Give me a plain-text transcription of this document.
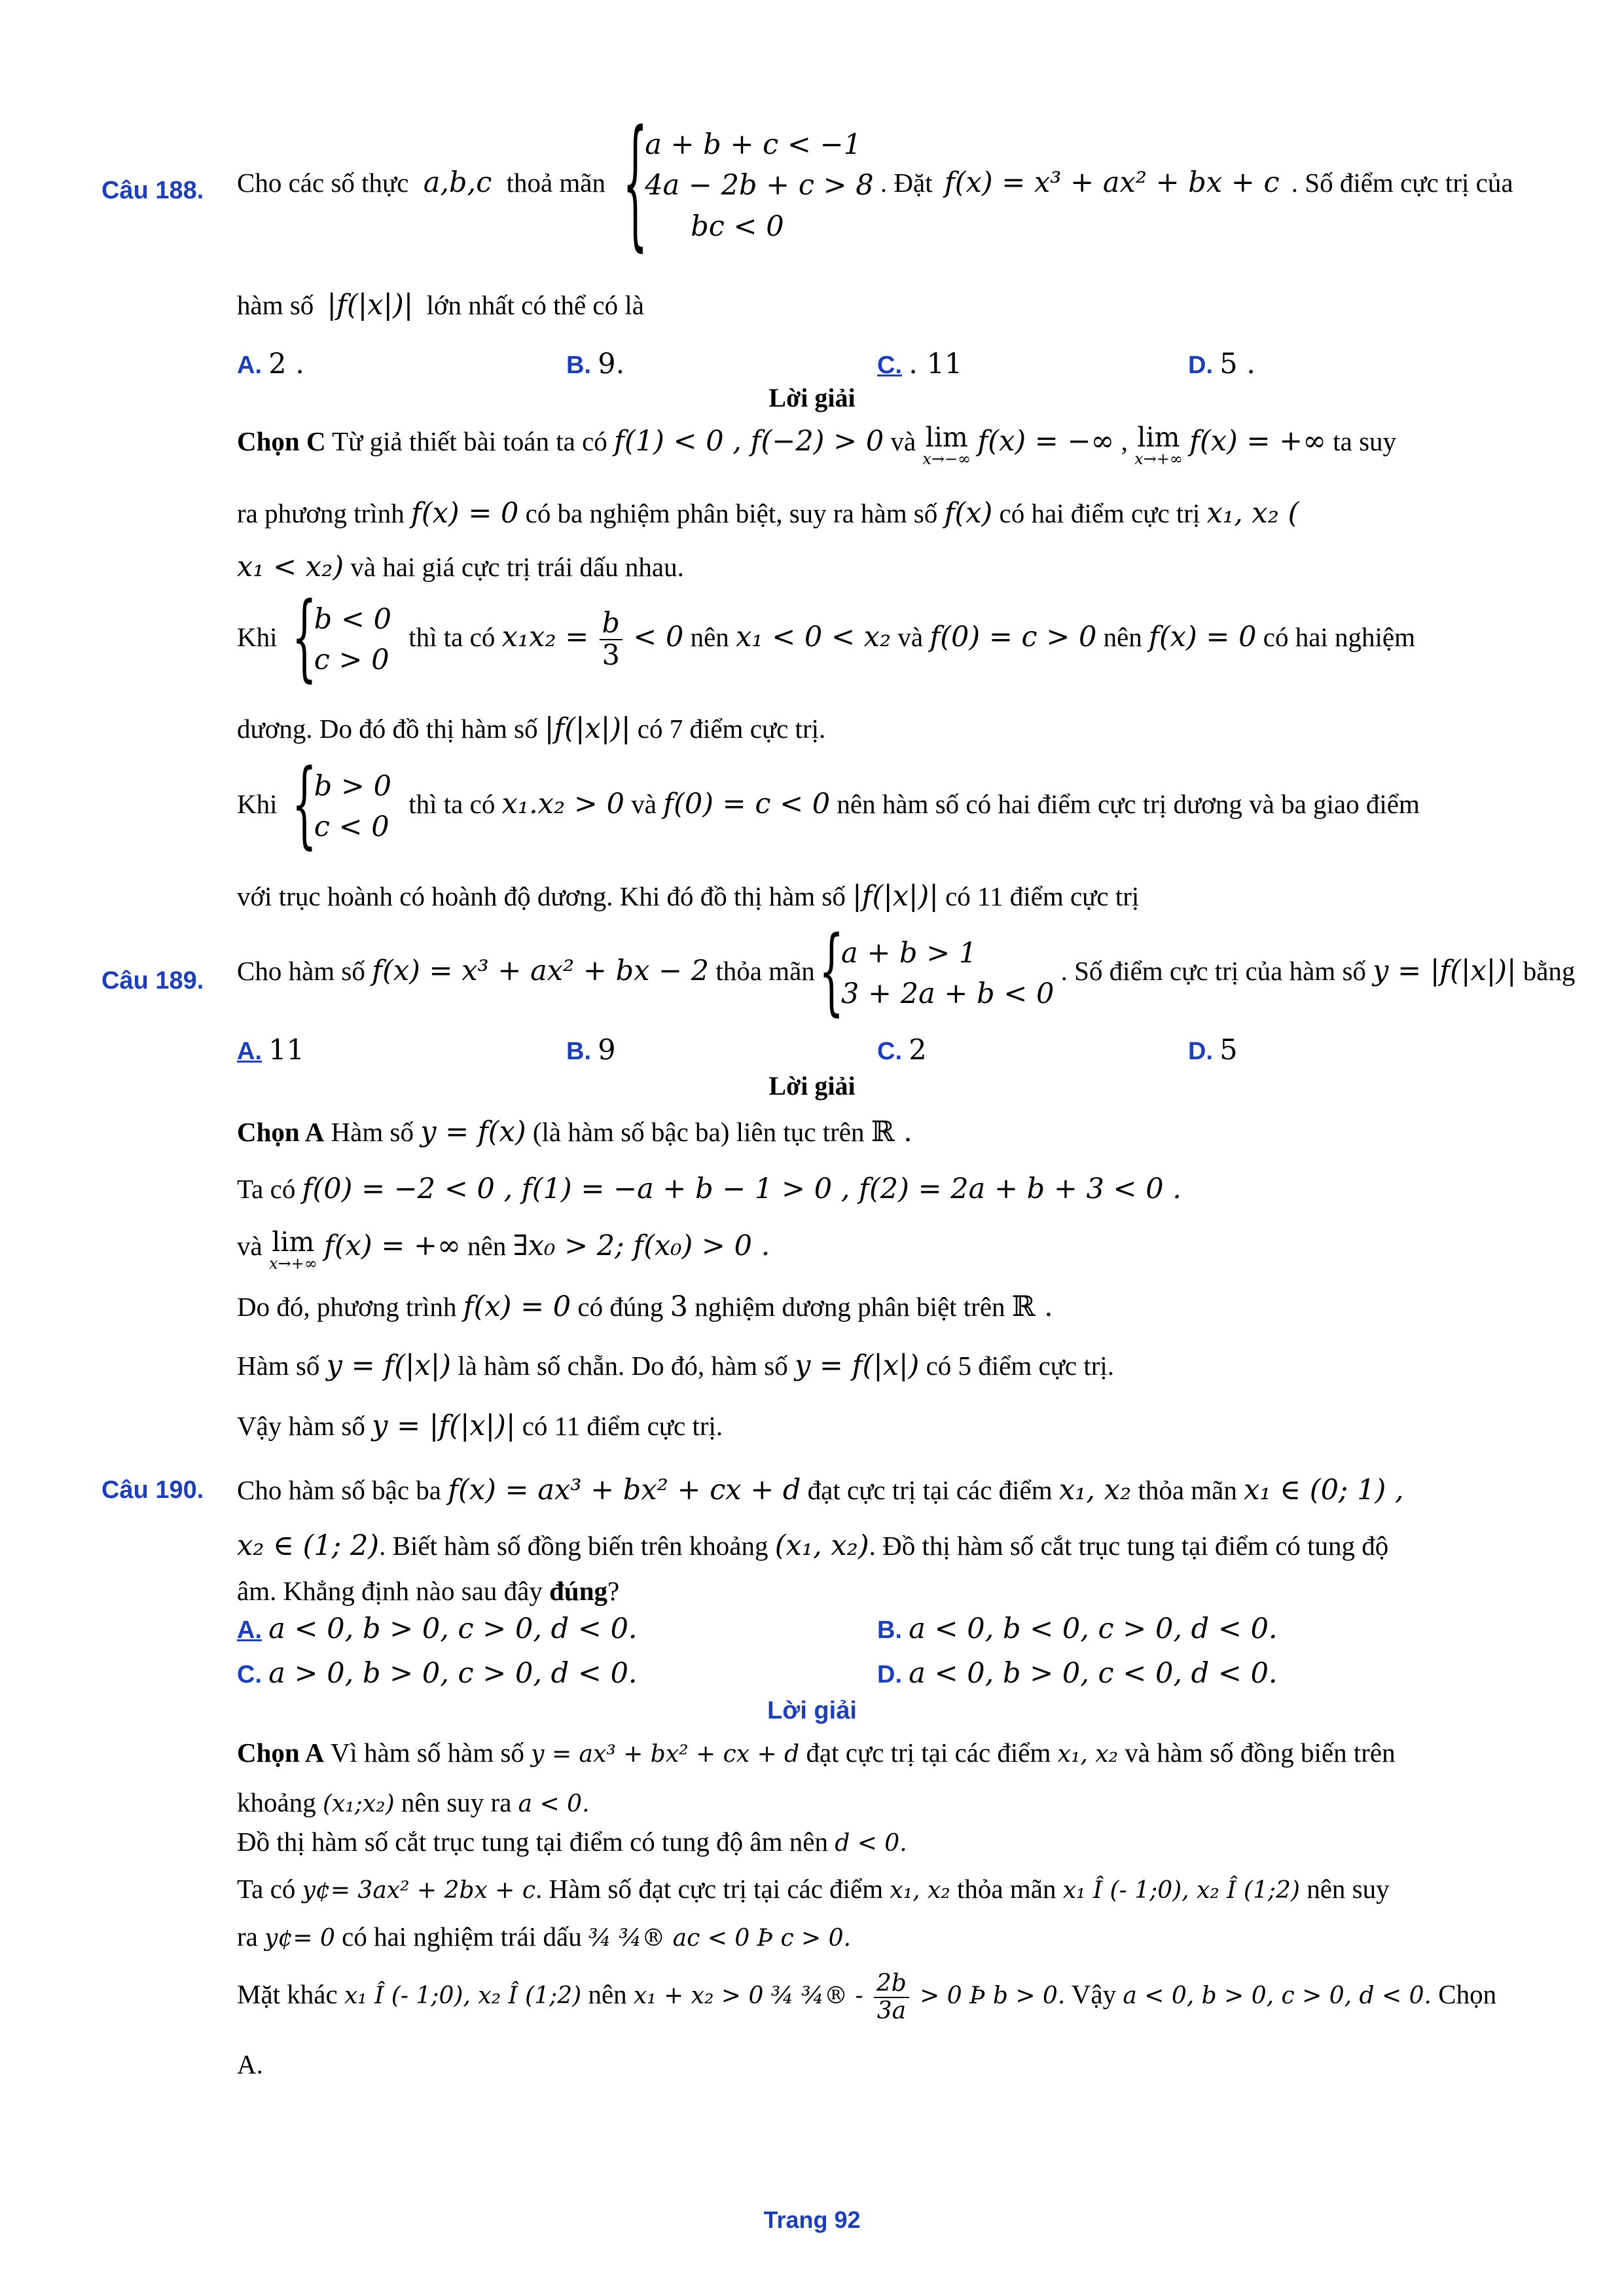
Câu 188. Cho các số thực a,b,c thoả mãn
{ a + b + c < −1
4a − 2b + c > 8
bc < 0
. Đặt f(x) = x³ + ax² + bx + c . Số điểm cực trị của
hàm số |f(|x|)| lớn nhất có thể có là
A. 2 .	B. 9.	C. . 11	D. 5 .
Lời giải
Chọn C Từ giả thiết bài toán ta có f(1) < 0 , f(−2) > 0 và lim
x→−∞
f(x) = −∞ , lim
x→+∞
f(x) = +∞ ta suy
ra phương trình f(x) = 0 có ba nghiệm phân biệt, suy ra hàm số f(x) có hai điểm cực trị x₁, x₂ (
x₁ < x₂) và hai giá cực trị trái dấu nhau.
Khi
{ b < 0
c > 0
thì ta có $x_1x_2 = \frac{b}{3} < 0$ nên x₁ < 0 < x₂ và f(0) = c > 0 nên f(x) = 0 có hai nghiệm
dương. Do đó đồ thị hàm số |f(|x|)| có 7 điểm cực trị.
Khi
{ b > 0
c < 0
thì ta có x₁.x₂ > 0 và f(0) = c < 0 nên hàm số có hai điểm cực trị dương và ba giao điểm
với trục hoành có hoành độ dương. Khi đó đồ thị hàm số |f(|x|)| có 11 điểm cực trị
Câu 189. Cho hàm số f(x) = x³ + ax² + bx − 2 thỏa mãn
{ a + b > 1
3 + 2a + b < 0
. Số điểm cực trị của hàm số y = |f(|x|)| bằng
A. 11	B. 9	C. 2	D. 5
Lời giải
Chọn A Hàm số y = f(x) (là hàm số bậc ba) liên tục trên ℝ .
Ta có f(0) = −2 < 0 , f(1) = −a + b − 1 > 0 , f(2) = 2a + b + 3 < 0 .
và lim
x→+∞
f(x) = +∞ nên ∃x₀ > 2; f(x₀) > 0 .
Do đó, phương trình f(x) = 0 có đúng 3 nghiệm dương phân biệt trên ℝ .
Hàm số y = f(|x|) là hàm số chẵn. Do đó, hàm số y = f(|x|) có 5 điểm cực trị.
Vậy hàm số y = |f(|x|)| có 11 điểm cực trị.
Câu 190. Cho hàm số bậc ba f(x) = ax³ + bx² + cx + d đạt cực trị tại các điểm x₁, x₂ thỏa mãn x₁ ∈ (0; 1) ,
x₂ ∈ (1; 2). Biết hàm số đồng biến trên khoảng (x₁, x₂). Đồ thị hàm số cắt trục tung tại điểm có tung độ
âm. Khẳng định nào sau đây đúng?
A. a < 0, b > 0, c > 0, d < 0.	B. a < 0, b < 0, c > 0, d < 0.
C. a > 0, b > 0, c > 0, d < 0.	D. a < 0, b > 0, c < 0, d < 0.
Lời giải
Chọn A Vì hàm số hàm số y = ax³ + bx² + cx + d đạt cực trị tại các điểm x₁, x₂ và hàm số đồng biến trên
khoảng (x₁;x₂) nên suy ra a < 0.
Đồ thị hàm số cắt trục tung tại điểm có tung độ âm nên d < 0.
Ta có y¢= 3ax² + 2bx + c. Hàm số đạt cực trị tại các điểm x₁, x₂ thỏa mãn x₁ Î (- 1;0), x₂ Î (1;2) nên suy
ra y¢= 0 có hai nghiệm trái dấu ¾ ¾® ac < 0 Þ c > 0.
Mặt khác x₁ Î (- 1;0), x₂ Î (1;2) nên x₁ + x₂ > 0 ¾ ¾® - $\frac{2b}{3a} > 0$ Þ b > 0. Vậy a < 0, b > 0, c > 0, d < 0. Chọn
A.
Trang 92
